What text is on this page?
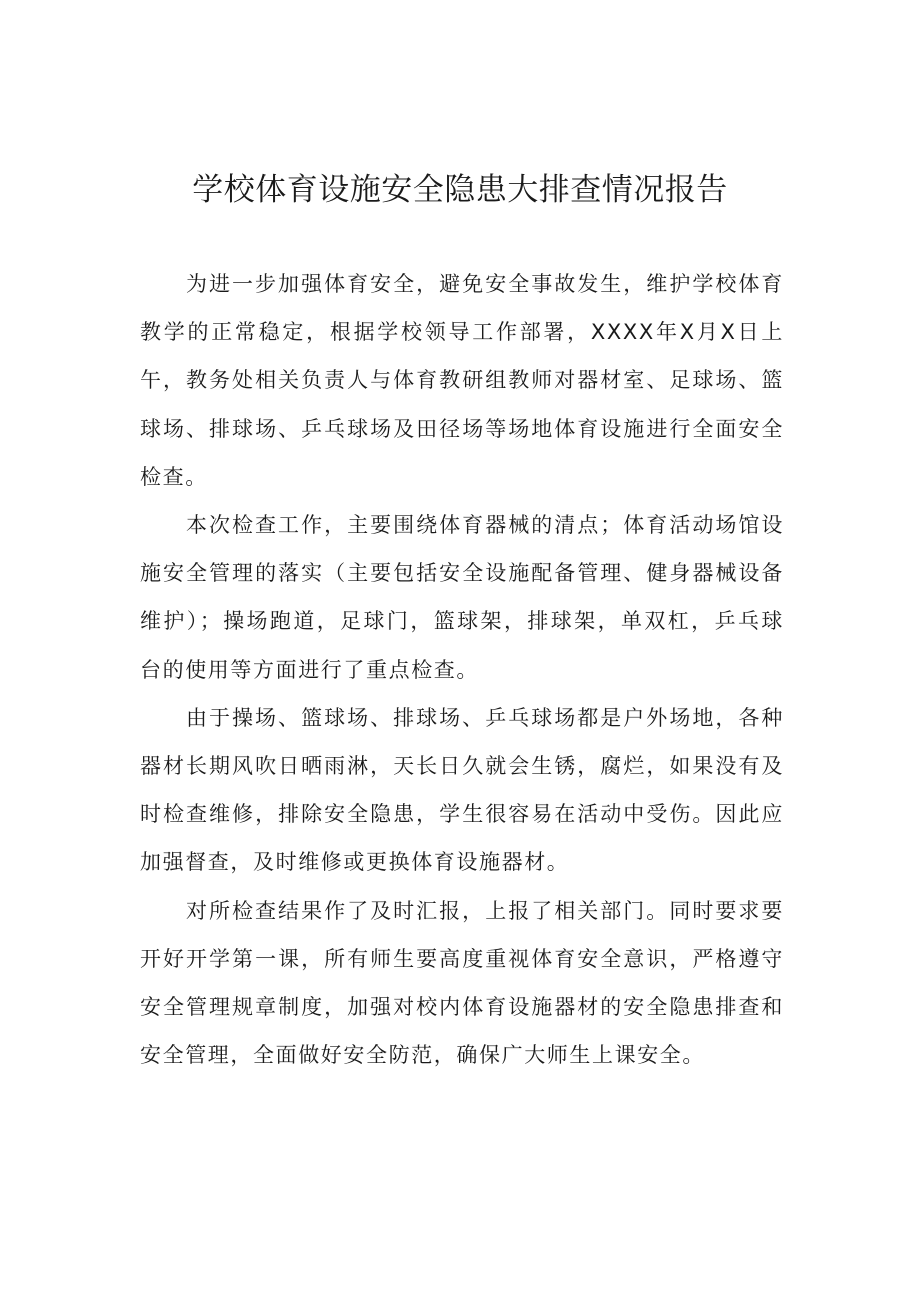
学校体育设施安全隐患大排查情况报告

为进一步加强体育安全，避免安全事故发生，维护学校体育教学的正常稳定，根据学校领导工作部署，XXXX年X月X日上午，教务处相关负责人与体育教研组教师对器材室、足球场、篮球场、排球场、乒乓球场及田径场等场地体育设施进行全面安全检查。

本次检查工作，主要围绕体育器械的清点；体育活动场馆设施安全管理的落实（主要包括安全设施配备管理、健身器械设备维护）；操场跑道，足球门，篮球架，排球架，单双杠，乒乓球台的使用等方面进行了重点检查。

由于操场、篮球场、排球场、乒乓球场都是户外场地，各种器材长期风吹日晒雨淋，天长日久就会生锈，腐烂，如果没有及时检查维修，排除安全隐患，学生很容易在活动中受伤。因此应加强督查，及时维修或更换体育设施器材。

对所检查结果作了及时汇报，上报了相关部门。同时要求要开好开学第一课，所有师生要高度重视体育安全意识，严格遵守安全管理规章制度，加强对校内体育设施器材的安全隐患排查和安全管理，全面做好安全防范，确保广大师生上课安全。
